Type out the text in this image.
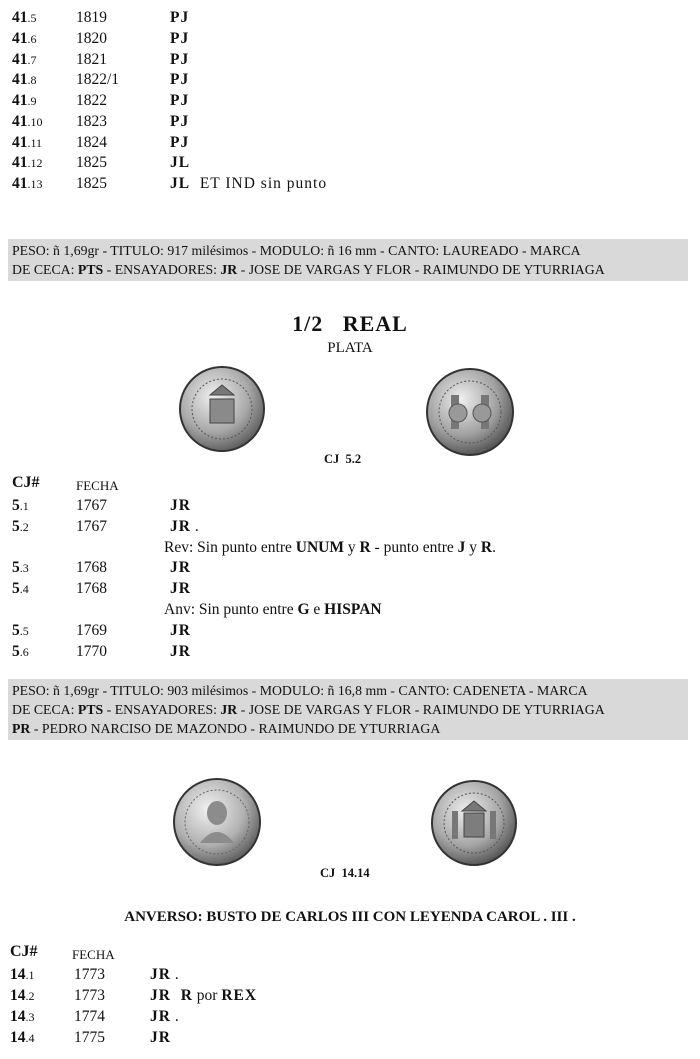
41.5	1819	PJ
41.6	1820	PJ
41.7	1821	PJ
41.8	1822/1	PJ
41.9	1822	PJ
41.10 1823	PJ
41.11 1824	PJ
41.12 1825	JL
41.13 1825	JL ET IND sin punto
PESO: ñ 1,69gr - TITULO: 917 milésimos - MODULO: ñ 16 mm - CANTO: LAUREADO - MARCA
DE CECA: PTS - ENSAYADORES: JR - JOSE DE VARGAS Y FLOR - RAIMUNDO DE YTURRIAGA
1/2   REAL
PLATA
CJ  5.2
CJ#	FECHA
5.1	1767	JR
5.2	1767	JR .
Rev: Sin punto entre UNUM y R - punto entre J y R.
5.3	1768	JR
5.4	1768	JR
Anv: Sin punto entre G e HISPAN
5.5	1769	JR
5.6	1770	JR
PESO: ñ 1,69gr - TITULO: 903 milésimos - MODULO: ñ 16,8 mm - CANTO: CADENETA - MARCA
DE CECA: PTS - ENSAYADORES: JR - JOSE DE VARGAS Y FLOR - RAIMUNDO DE YTURRIAGA
PR - PEDRO NARCISO DE MAZONDO - RAIMUNDO DE YTURRIAGA
CJ  14.14
ANVERSO: BUSTO DE CARLOS III CON LEYENDA CAROL . III .
CJ#	FECHA
14.1	1773	JR .
14.2	1773	JR  R por REX
14.3	1774	JR .
14.4	1775	JR
